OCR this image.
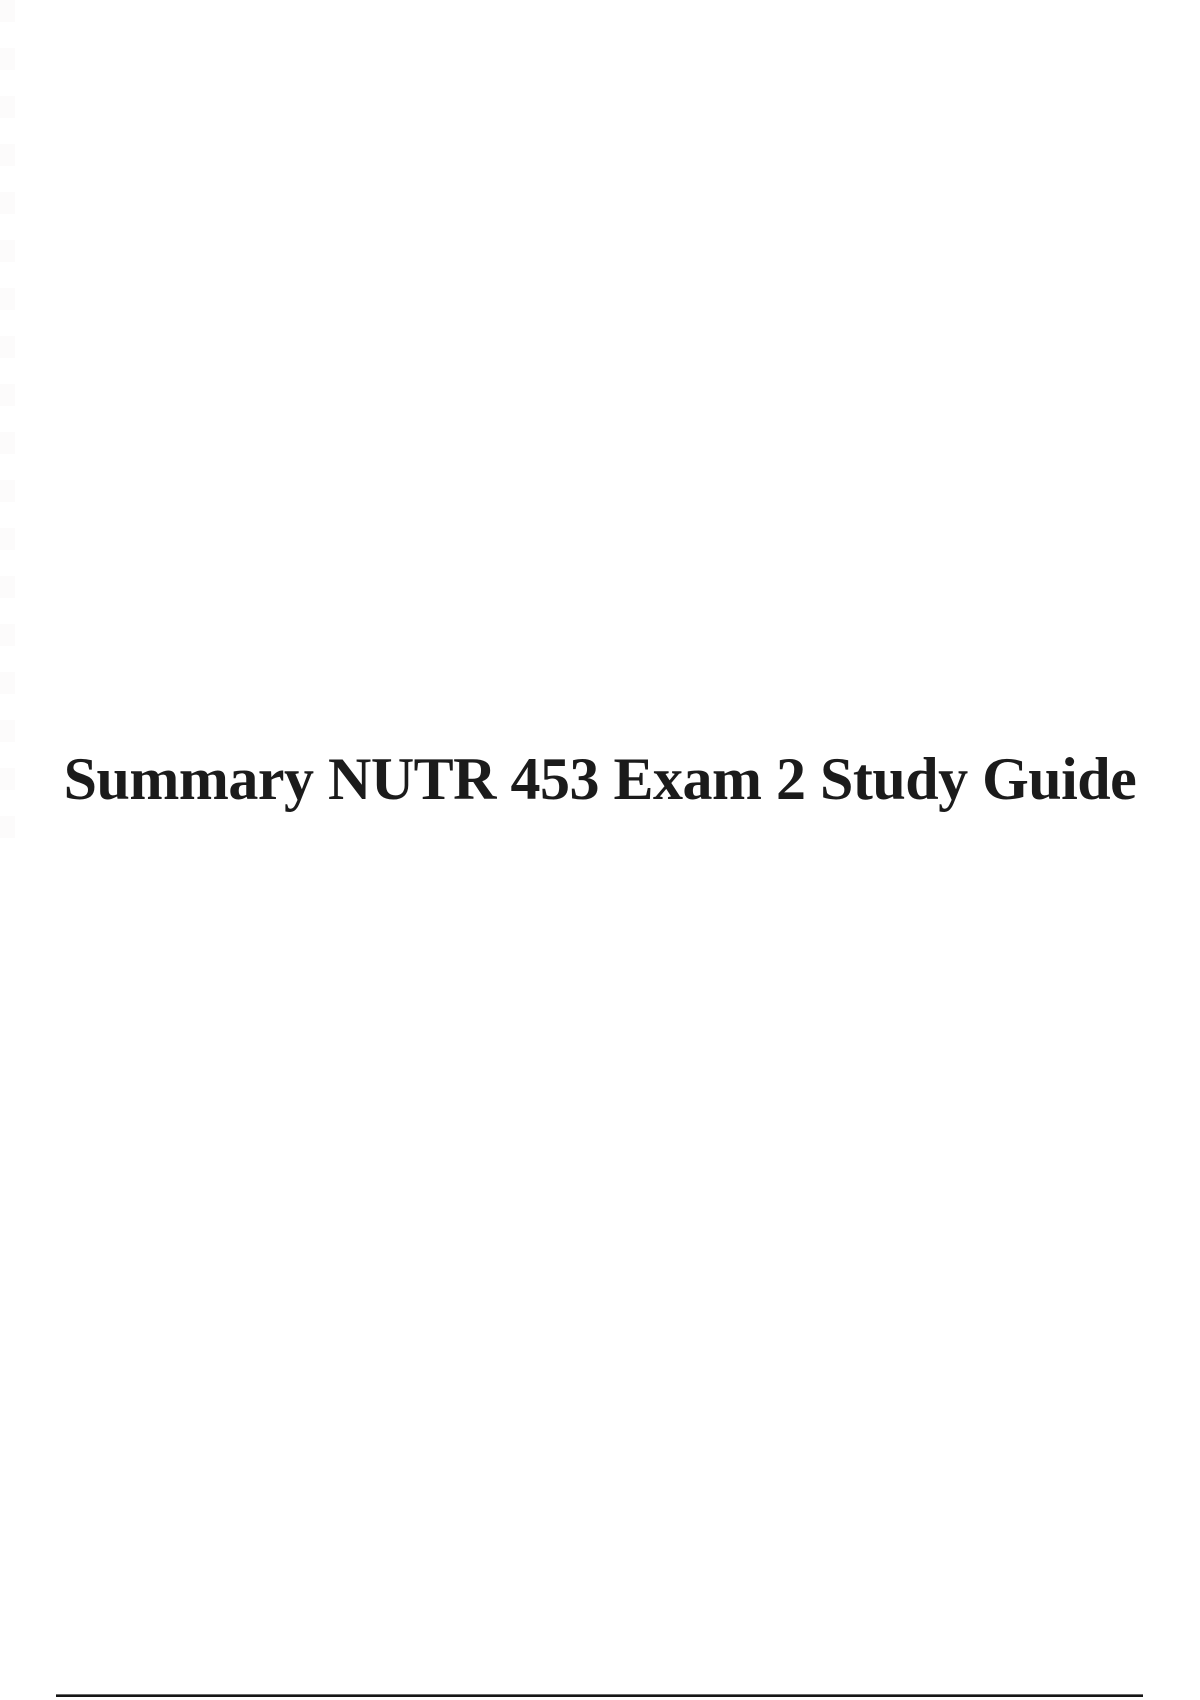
Summary NUTR 453 Exam 2 Study Guide
